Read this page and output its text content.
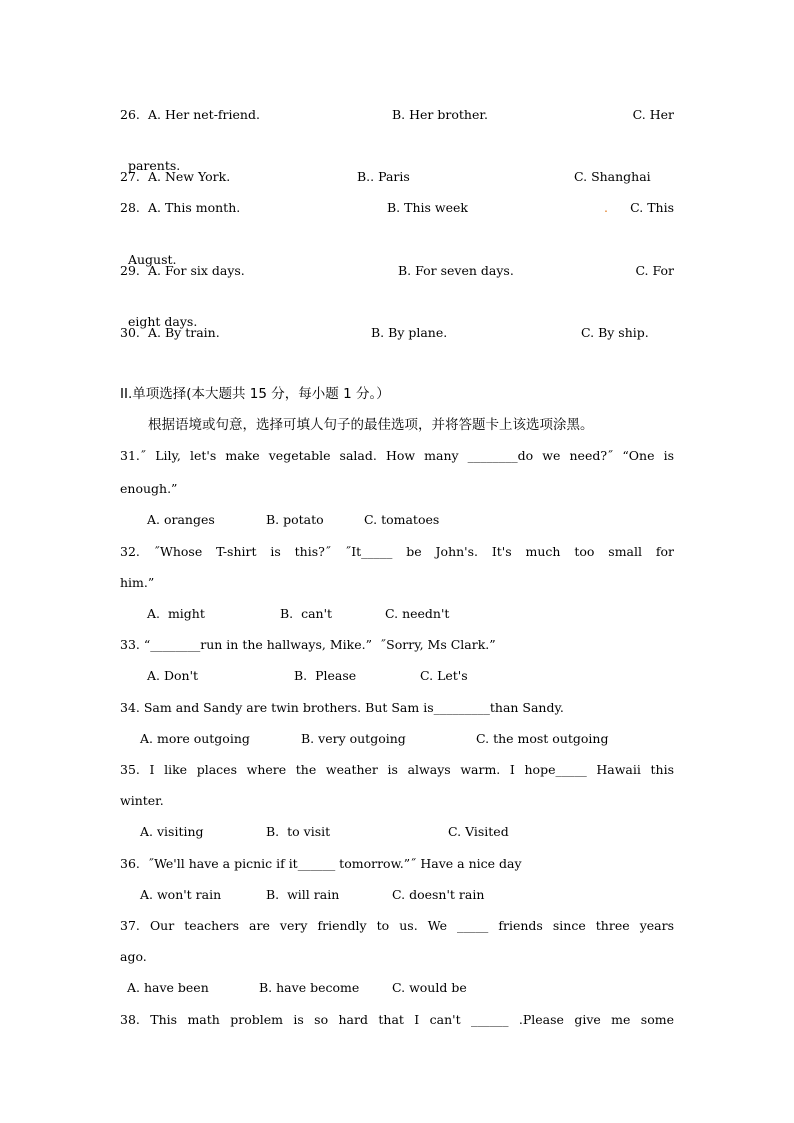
26.

A. Her net-friend.

	B. Her brother.

	C. Her

parents.

27.

A. New York.

	B.. Paris

	C. Shanghai

28.

A. This month.

	B. This week

	.

C. This

August.

29.

A. For six days.

	B. For seven days.

	C. For

eight days.

30.

A. By train.

	B. By plane.

	C. By ship.

II.单项选择(本大题共 15 分，每小题 1 分。）
根据语境或句意，选择可填人句子的最佳选项，并将答题卡上该选项涂黑。
31.˝ Lily, let's make vegetable salad. How many ________do we need?˝ “One is
enough.”

A. oranges

	B. potato

	C. tomatoes

32. ˝Whose T-shirt is this?˝ ˝It_____ be John's. It's much too small for
him.”

A.  might

	B.  can't

	C. needn't

33. “________run in the hallways, Mike.”  ˝Sorry, Ms Clark.”

A. Don't

	B.  Please

	C. Let's

34. Sam and Sandy are twin brothers. But Sam is_________than Sandy.

A. more outgoing

	B. very outgoing

	C. the most outgoing

35. I like places where the weather is always warm. I hope_____ Hawaii this
winter.

A. visiting

	B.  to visit

	C. Visited

36.  ˝We'll have a picnic if it______ tomorrow.”˝ Have a nice day

A. won't rain

	B.  will rain

	C. doesn't rain

37. Our teachers are very friendly to us. We _____ friends since three years
ago.

A. have been

	B. have become

	C. would be

38. This math problem is so hard that I can't ______ .Please give me some
